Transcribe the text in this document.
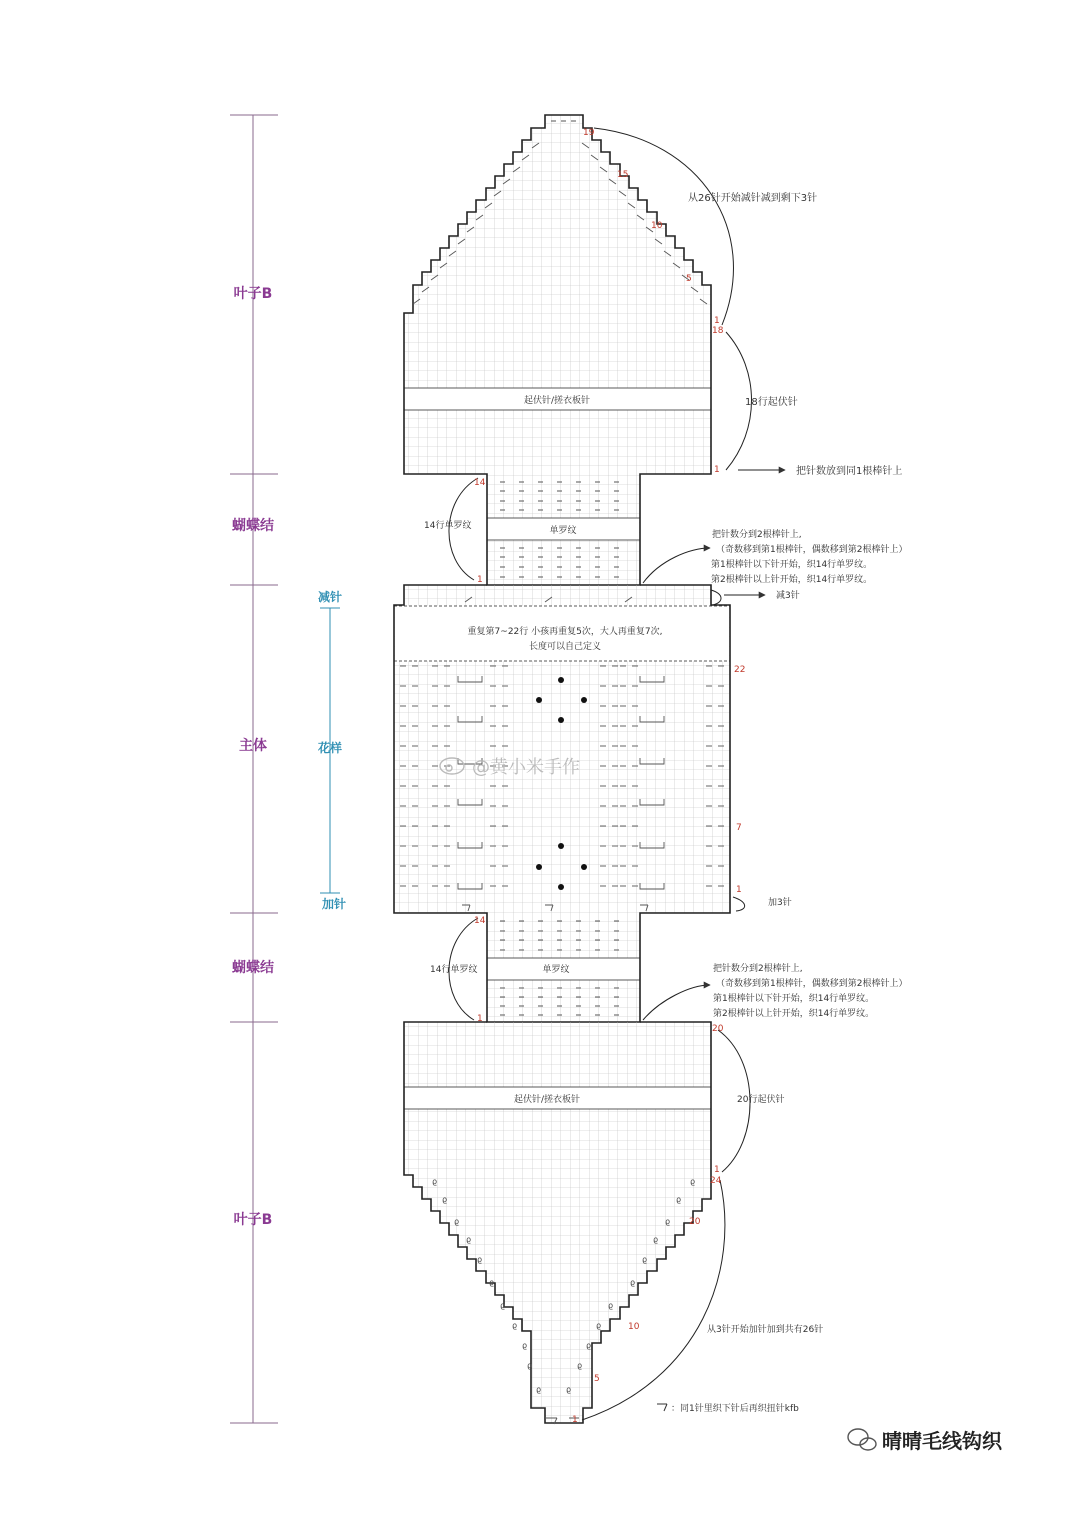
ϱ
ϱ
ϱ
ϱ
ϱ
ϱ
ϱ
ϱ
ϱ
ϱ
ϱ
ϱ
ϱ
ϱ
ϱ
ϱ
ϱ
ϱ
ϱ
ϱ
ϱ
ϱ
叶子B
蝴蝶结
主体
蝴蝶结
叶子B
减针
花样
加针
起伏针/搓衣板针
单罗纹
重复第7~22行 小孩再重复5次，大人再重复7次,
长度可以自己定义
单罗纹
起伏针/搓衣板针
从26针开始减针减到剩下3针
18行起伏针
把针数放到同1根棒针上
14行单罗纹
把针数分到2根棒针上,
（奇数移到第1根棒针，偶数移到第2根棒针上）
第1根棒针以下针开始，织14行单罗纹。
第2根棒针以上针开始，织14行单罗纹。
减3针
加3针
14行单罗纹	把针数分到2根棒针上,
（奇数移到第1根棒针，偶数移到第2根棒针上）
第1根棒针以下针开始，织14行单罗纹。
第2根棒针以上针开始，织14行单罗纹。
20行起伏针
从3针开始加针加到共有26针
：同1针里织下针后再织扭针kfb
19
15
10
5
1
18
1
14
1
22
7
1
14
1
20
1
24
20
10
5
1
@黄小米手作
晴晴毛线钩织
